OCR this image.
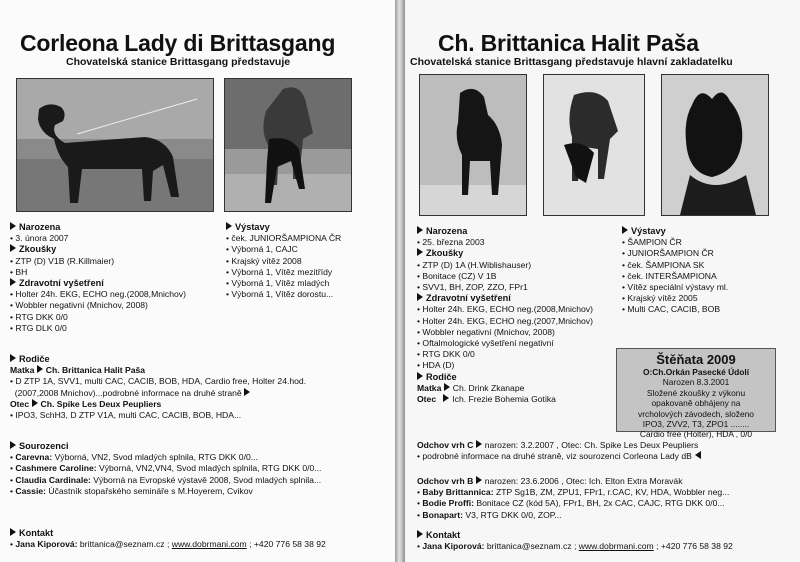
Corleona Lady di Brittasgang

Chovatelská stanice Brittasgang představuje

Narozena
• 3. února 2007
Zkoušky
• ZTP (D) V1B (R.Killmaier)
• BH
Zdravotní vyšetření
• Holter 24h. EKG, ECHO neg.(2008,Mnichov)
• Wobbler negativní (Mnichov, 2008)
• RTG DKK 0/0
• RTG DLK 0/0
Výstavy
• ček. JUNIORŠAMPIONA ČR
• Výborná 1, CAJC
• Krajský vítěz 2008
• Výborná 1, Vítěz mezitřídy
• Výborná 1, Vítěz mladých
• Výborná 1, Vítěz dorostu...
Rodiče
Matka Ch. Brittanica Halit Paša
• D ZTP 1A, SVV1, multi CAC, CACIB, BOB, HDA, Cardio free, Holter 24.hod.
(2007,2008 Mnichov)...podrobné informace na druhé straně
Otec Ch. Spike Les Deux Peupliers
• IPO3, SchH3, D ZTP V1A, multi CAC, CACIB, BOB, HDA...
Sourozenci
• Carevna: Výborná, VN2, Svod mladých splnila, RTG DKK 0/0...
• Cashmere Caroline: Výborná, VN2,VN4, Svod mladých splnila, RTG DKK 0/0...
• Claudia Cardinale: Výborná na Evropské výstavě 2008, Svod mladých splnila...
• Cassie: Účastník stopařského semináře s M.Hoyerem, Cvikov
Kontakt
• Jana Kiporová: brittanica@seznam.cz ; www.dobrmani.com ; +420 776 58 38 92
Ch. Brittanica Halit Paša

Chovatelská stanice Brittasgang představuje hlavní zakladatelku

Narozena
• 25. března 2003
Zkoušky
• ZTP (D) 1A (H.Wiblishauser)
• Bonitace (CZ) V 1B
• SVV1, BH, ZOP, ZZO, FPr1
Zdravotní vyšetření
• Holter 24h. EKG, ECHO neg.(2008,Mnichov)
• Holter 24h. EKG, ECHO neg.(2007,Mnichov)
• Wobbler negativní (Mnichov, 2008)
• Oftalmologické vyšetření negativní
• RTG DKK 0/0
• HDA (D)
Rodiče
Matka Ch. Drink Zkanape
Otec Ich. Frezie Bohemia Gotika
Výstavy
• ŠAMPION ČR
• JUNIORŠAMPION ČR
• ček. ŠAMPIONA SK
• ček. INTERŠAMPIONA
• Vítěz speciální výstavy ml.
• Krajský vítěz 2005
• Multi CAC, CACIB, BOB
Odchov vrh C narozen: 3.2.2007 , Otec: Ch. Spike Les Deux Peupliers
• podrobné informace na druhé straně, viz sourozenci Corleona Lady dB
Odchov vrh B narozen: 23.6.2006 , Otec: Ich. Elton Extra Moravák
• Baby Brittannica: ZTP Sg1B, ZM, ZPU1, FPr1, r.CAC, KV, HDA, Wobbler neg...
• Bodie Proffi: Bonitace CZ (kód 5A), FPr1, BH, 2x CAC, CAJC, RTG DKK 0/0...
• Bonapart: V3, RTG DKK 0/0, ZOP...
Kontakt
• Jana Kiporová: brittanica@seznam.cz ; www.dobrmani.com ; +420 776 58 38 92
Štěňata 2009
O:Ch.Orkán Pasecké Údolí
Narozen 8.3.2001
Složené zkoušky z výkonu
opakovaně obhájeny na
vrcholových závodech, složeno
IPO3, ZVV2, T3, ZPO1 ........
Cardio free (Holter), HDA , 0/0
